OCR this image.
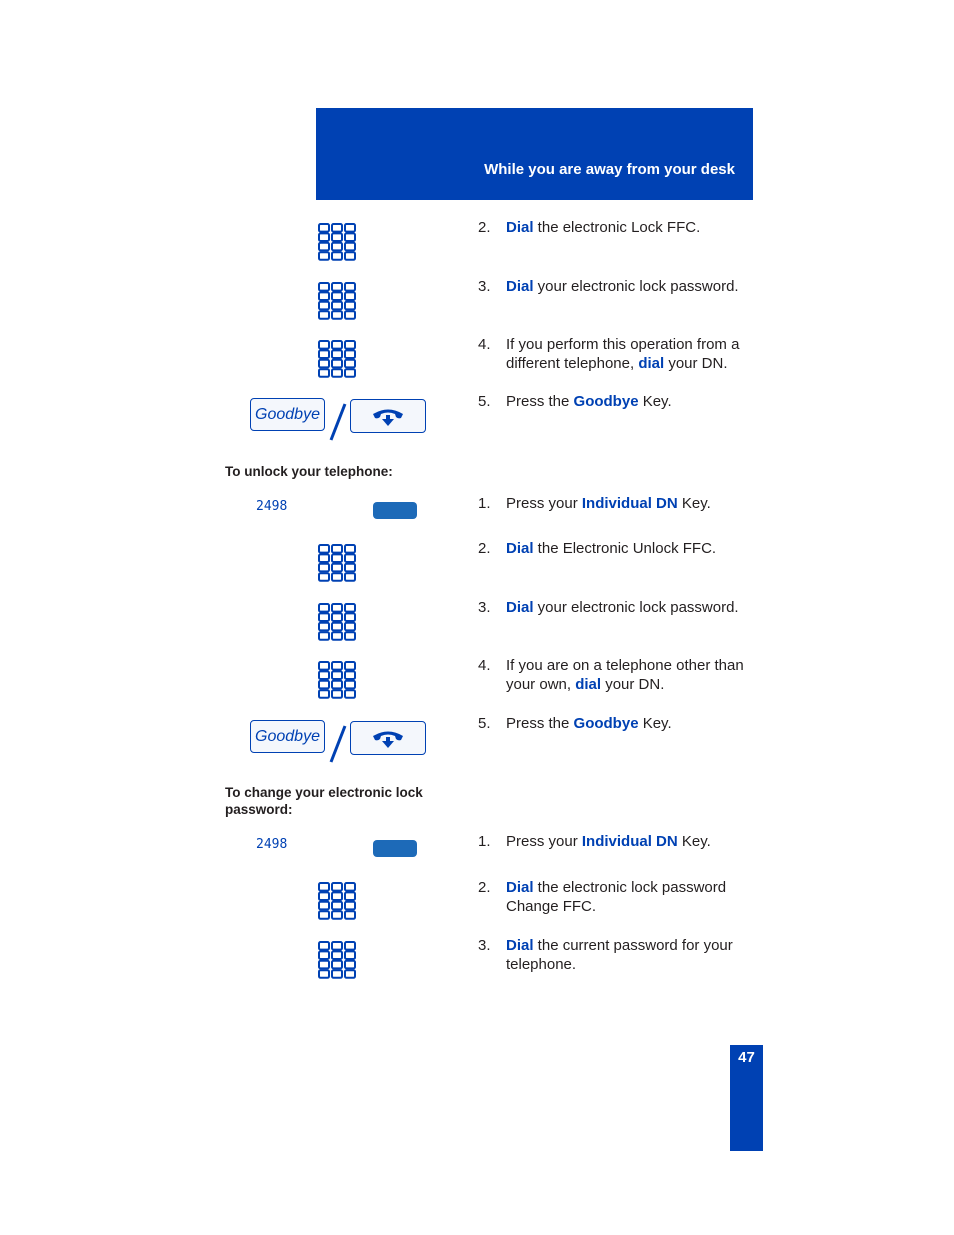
While you are away from your desk
2.	Dial the electronic Lock FFC.
3.	Dial your electronic lock password.
4.	If you perform this operation from a different telephone, dial your DN.
Goodbye
5.	Press the Goodbye Key.
To unlock your telephone:
2498	1.	Press your Individual DN Key.
2.	Dial the Electronic Unlock FFC.
3.	Dial your electronic lock password.
4.	If you are on a telephone other than your own, dial your DN.
Goodbye
5.	Press the Goodbye Key.
To change your electronic lock password:
2498	1.	Press your Individual DN Key.
2.	Dial the electronic lock password Change FFC.
3.	Dial the current password for your telephone.
47
